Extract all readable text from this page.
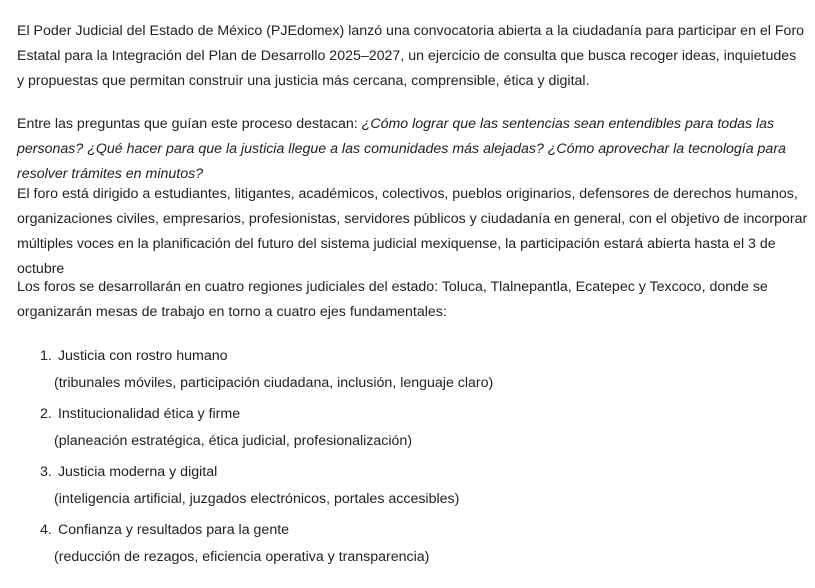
El Poder Judicial del Estado de México (PJEdomex) lanzó una convocatoria abierta a la ciudadanía para participar en el Foro Estatal para la Integración del Plan de Desarrollo 2025–2027, un ejercicio de consulta que busca recoger ideas, inquietudes y propuestas que permitan construir una justicia más cercana, comprensible, ética y digital.

Entre las preguntas que guían este proceso destacan: ¿Cómo lograr que las sentencias sean entendibles para todas las personas? ¿Qué hacer para que la justicia llegue a las comunidades más alejadas? ¿Cómo aprovechar la tecnología para resolver trámites en minutos?

El foro está dirigido a estudiantes, litigantes, académicos, colectivos, pueblos originarios, defensores de derechos humanos, organizaciones civiles, empresarios, profesionistas, servidores públicos y ciudadanía en general, con el objetivo de incorporar múltiples voces en la planificación del futuro del sistema judicial mexiquense, la participación estará abierta hasta el 3 de octubre

Los foros se desarrollarán en cuatro regiones judiciales del estado: Toluca, Tlalnepantla, Ecatepec y Texcoco, donde se organizarán mesas de trabajo en torno a cuatro ejes fundamentales:

1. Justicia con rostro humano
(tribunales móviles, participación ciudadana, inclusión, lenguaje claro)
2. Institucionalidad ética y firme
(planeación estratégica, ética judicial, profesionalización)
3. Justicia moderna y digital
(inteligencia artificial, juzgados electrónicos, portales accesibles)
4. Confianza y resultados para la gente
(reducción de rezagos, eficiencia operativa y transparencia)
